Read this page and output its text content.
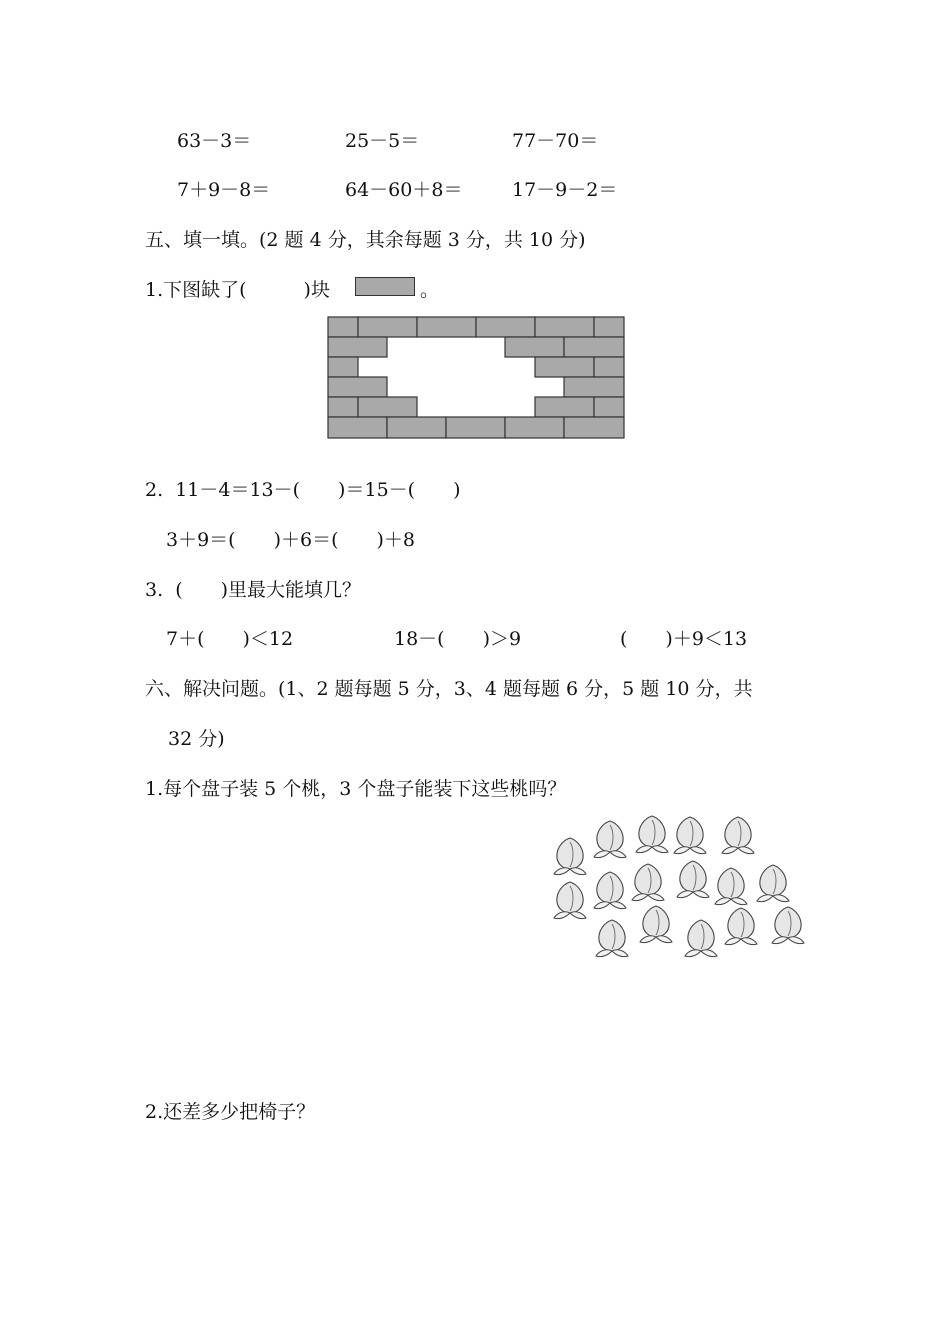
63－3＝	25－5＝	77－70＝
7＋9－8＝	64－60＋8＝	17－9－2＝
五、填一填。(2 题 4 分，其余每题 3 分，共 10 分)
1.下图缺了(　　　)块	。
2.  11－4＝13－(　　)＝15－(　　)
3＋9＝(　　)＋6＝(　　)＋8
3.  (　　)里最大能填几？
7＋(　　)＜12	18－(　　)＞9	(　　)＋9＜13
六、解决问题。(1、2 题每题 5 分，3、4 题每题 6 分，5 题 10 分，共
32 分)
1.每个盘子装 5 个桃，3 个盘子能装下这些桃吗？
2.还差多少把椅子？
